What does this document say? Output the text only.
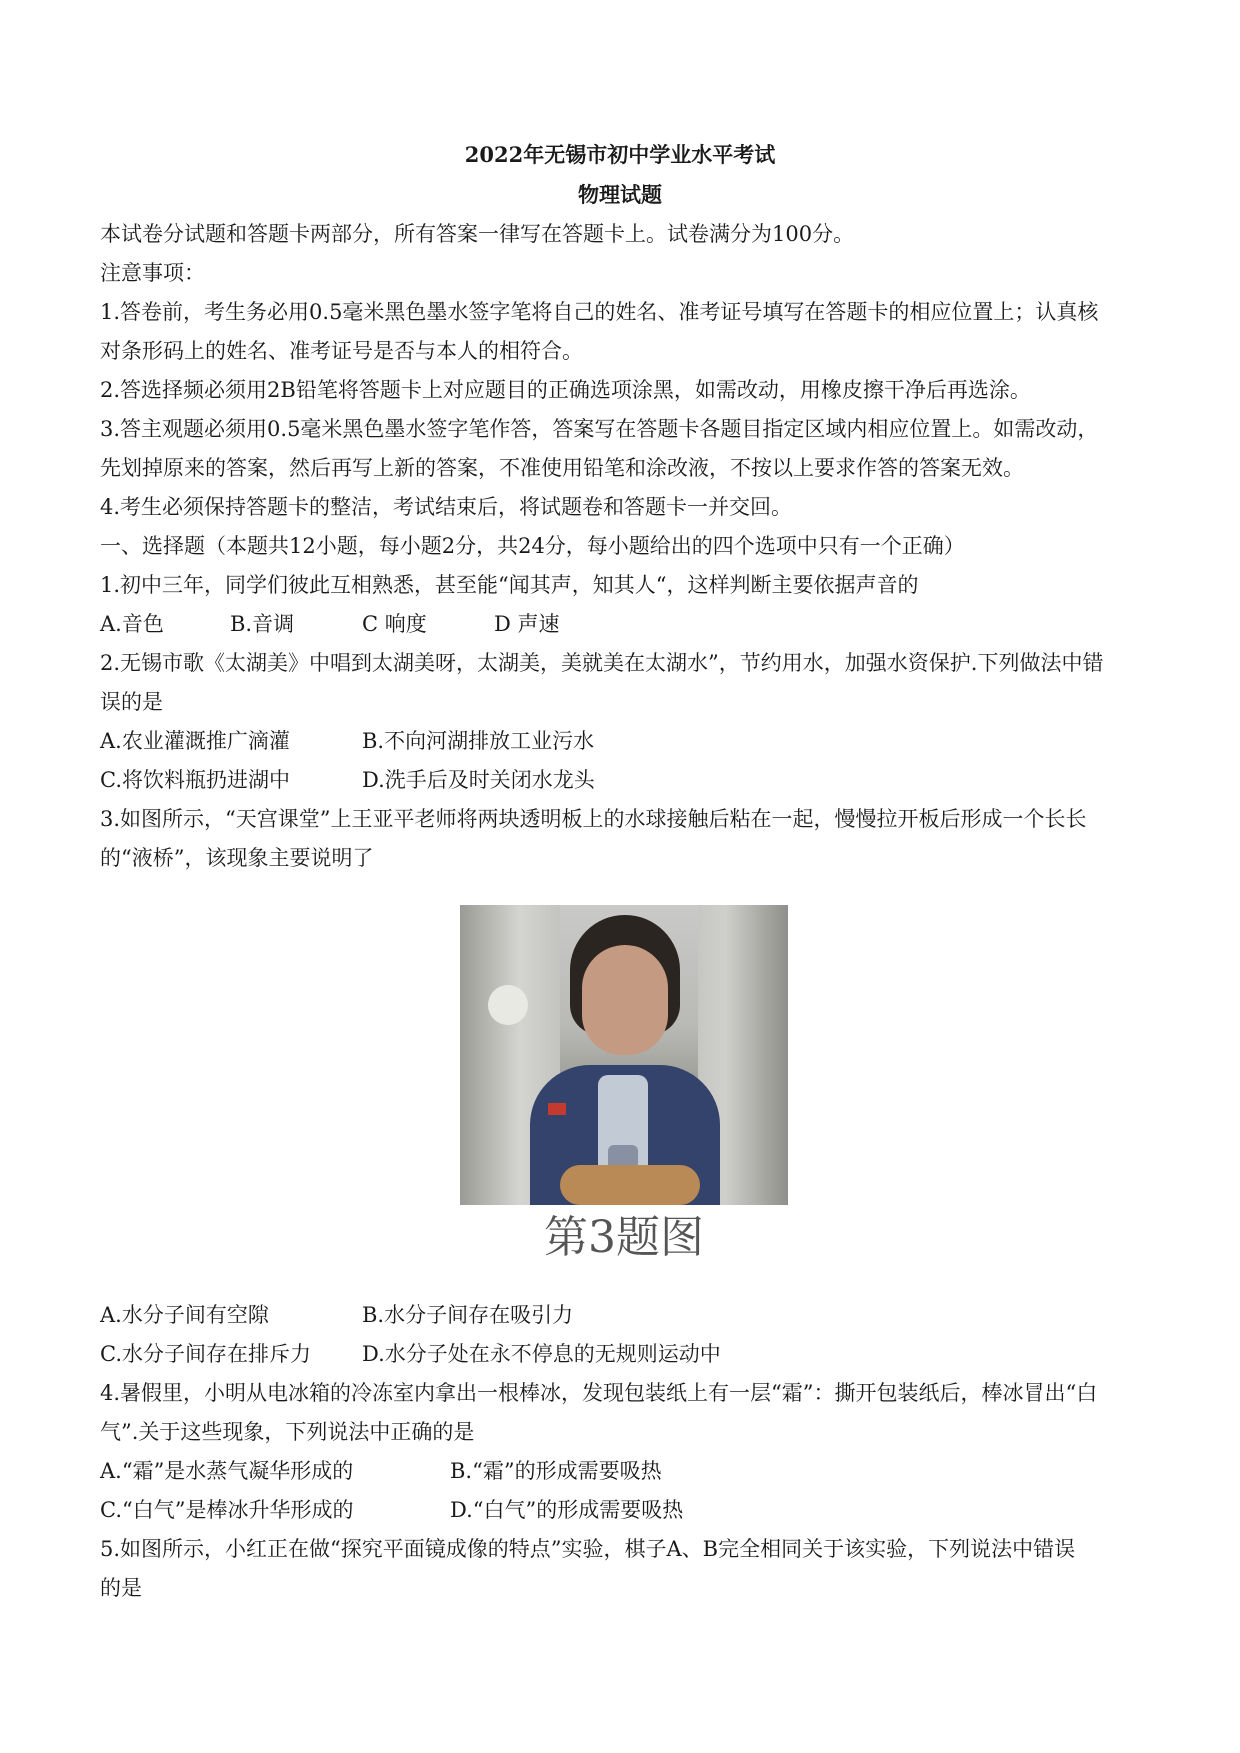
2022年无锡市初中学业水平考试
物理试题
本试卷分试题和答题卡两部分，所有答案一律写在答题卡上。试卷满分为100分。
注意事项：
1.答卷前，考生务必用0.5毫米黑色墨水签字笔将自己的姓名、准考证号填写在答题卡的相应位置上；认真核
对条形码上的姓名、准考证号是否与本人的相符合。
2.答选择频必须用2B铅笔将答题卡上对应题目的正确选项涂黑，如需改动，用橡皮擦干净后再选涂。
3.答主观题必须用0.5毫米黑色墨水签字笔作答，答案写在答题卡各题目指定区域内相应位置上。如需改动，
先划掉原来的答案，然后再写上新的答案，不准使用铅笔和涂改液，不按以上要求作答的答案无效。
4.考生必须保持答题卡的整洁，考试结束后，将试题卷和答题卡一并交回。
一、选择题（本题共12小题，每小题2分，共24分，每小题给出的四个选项中只有一个正确）
1.初中三年，同学们彼此互相熟悉，甚至能“闻其声，知其人“，这样判断主要依据声音的
A.音色	B.音调	C 响度	D 声速
2.无锡市歌《太湖美》中唱到太湖美呀，太湖美，美就美在太湖水”，节约用水，加强水资保护.下列做法中错
误的是
A.农业灌溉推广滴灌	B.不向河湖排放工业污水
C.将饮料瓶扔进湖中	D.洗手后及时关闭水龙头
3.如图所示，“天宫课堂”上王亚平老师将两块透明板上的水球接触后粘在一起，慢慢拉开板后形成一个长长
的“液桥”，该现象主要说明了
第3题图
A.水分子间有空隙	B.水分子间存在吸引力
C.水分子间存在排斥力 D.水分子处在永不停息的无规则运动中
4.暑假里，小明从电冰箱的冷冻室内拿出一根棒冰，发现包装纸上有一层“霜”：撕开包装纸后，棒冰冒出“白
气”.关于这些现象，下列说法中正确的是
A.“霜”是水蒸气凝华形成的	B.“霜”的形成需要吸热
C.“白气”是棒冰升华形成的	D.“白气”的形成需要吸热
5.如图所示，小红正在做“探究平面镜成像的特点”实验，棋子A、B完全相同关于该实验，下列说法中错误
的是
